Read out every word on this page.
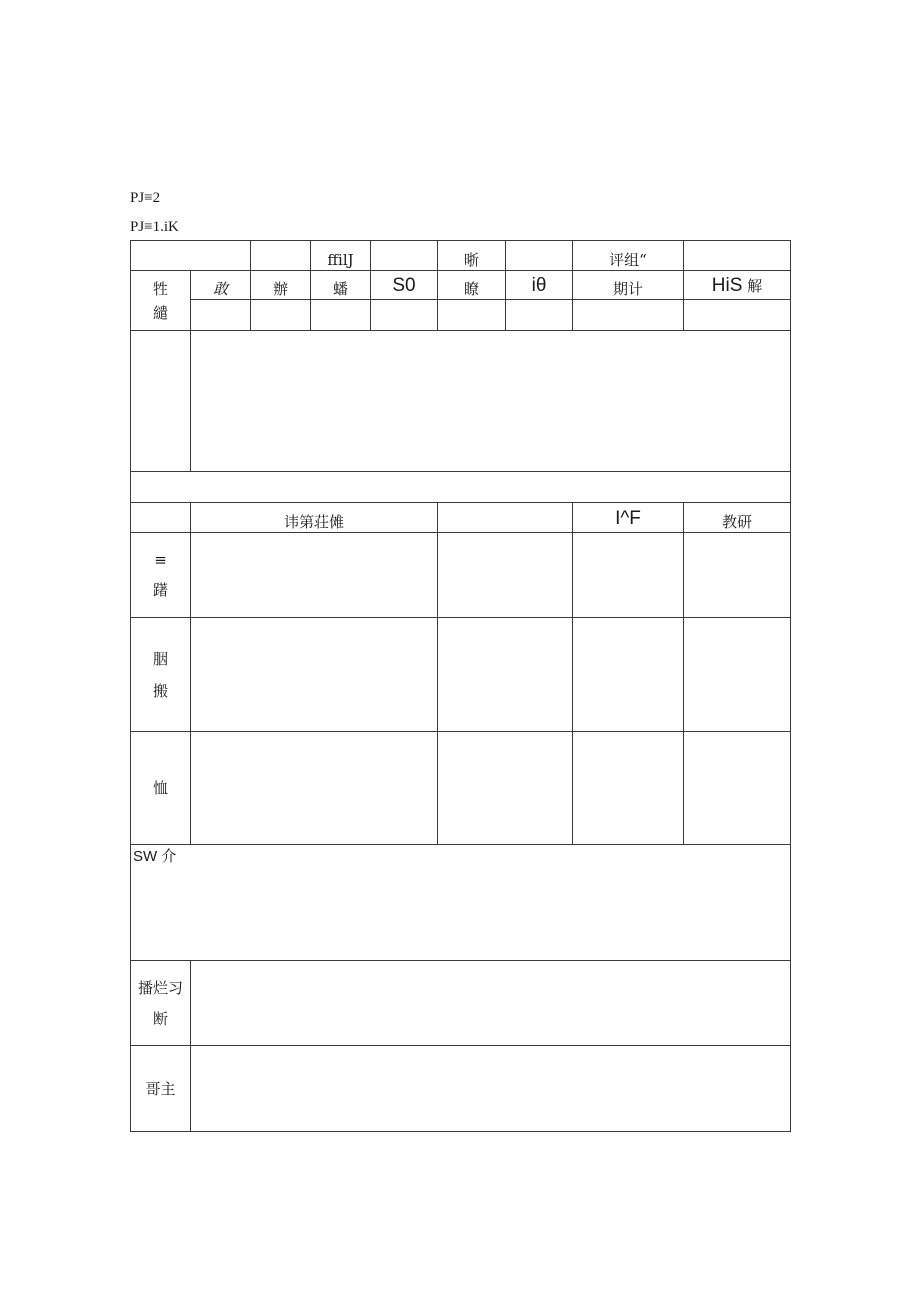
PJ≡2
PJ≡1.iK
			ffilJ		晣		评组“	

牲
繾	敢	辦	蟠	S0	瞭	iθ	期计	HiS 解

	讳第荘傩						I^F	教研

≡
躇								

胭
搬								

恤								
SW 介								

播烂习
断								

哥主								
